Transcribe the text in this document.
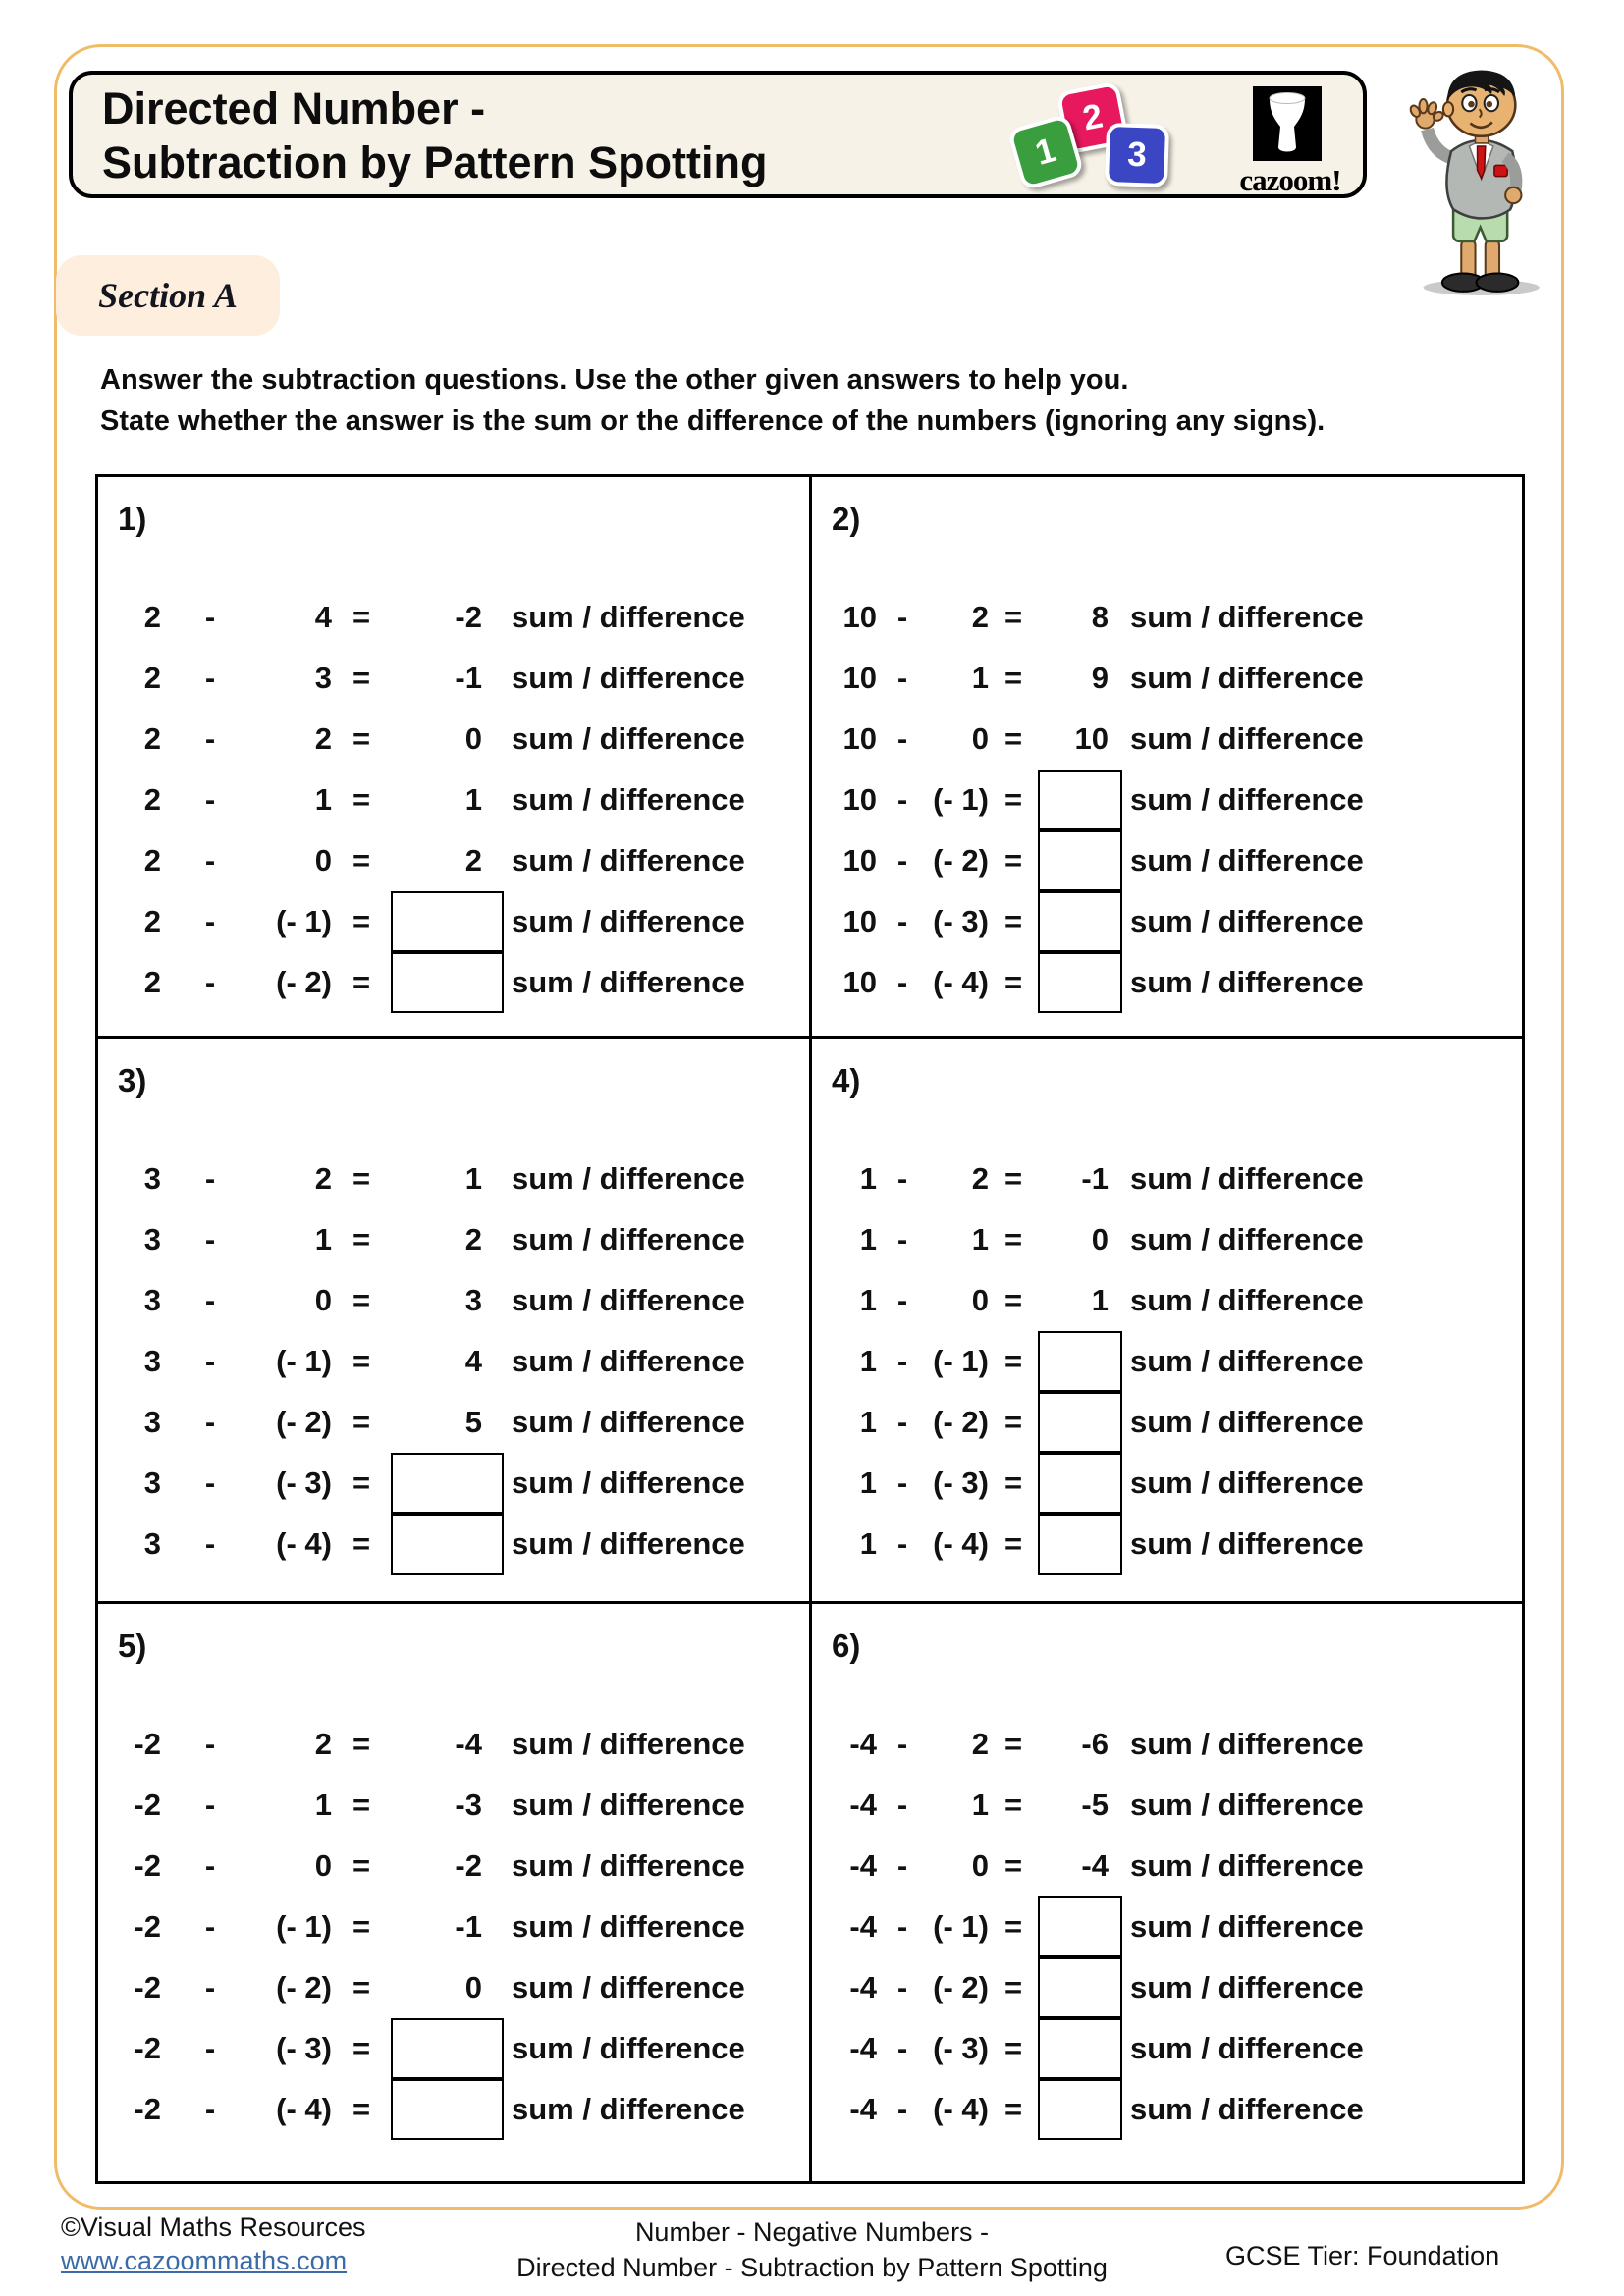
Directed Number -
Subtraction by Pattern Spotting	1
2
3
cazoom!
Section A
Answer the subtraction questions. Use the other given answers to help you.
State whether the answer is the sum or the difference of the numbers (ignoring any signs).
1)
2	-	4 =	-2 sum / difference
2	-	3 =	-1 sum / difference
2	-	2 =	0 sum / difference
2	-	1 =	1 sum / difference
2	-	0 =	2 sum / difference
2	-	(- 1) =	sum / difference
2	-	(- 2) =	sum / difference
2)
10 -	2 =	8 sum / difference
10 -	1 =	9 sum / difference
10 -	0 =	10 sum / difference
10 - (- 1) =	sum / difference
10 - (- 2) =	sum / difference
10 - (- 3) =	sum / difference
10 - (- 4) =	sum / difference
3)
3	-	2 =	1 sum / difference
3	-	1 =	2 sum / difference
3	-	0 =	3 sum / difference
3	-	(- 1) =	4 sum / difference
3	-	(- 2) =	5 sum / difference
3	-	(- 3) =	sum / difference
3	-	(- 4) =	sum / difference
4)
1 -	2 =	-1 sum / difference
1 -	1 =	0 sum / difference
1 -	0 =	1 sum / difference
1 - (- 1) =	sum / difference
1 - (- 2) =	sum / difference
1 - (- 3) =	sum / difference
1 - (- 4) =	sum / difference
5)
-2	-	2 =	-4 sum / difference
-2	-	1 =	-3 sum / difference
-2	-	0 =	-2 sum / difference
-2	-	(- 1) =	-1 sum / difference
-2	-	(- 2) =	0 sum / difference
-2	-	(- 3) =	sum / difference
-2	-	(- 4) =	sum / difference
6)
-4 -	2 =	-6 sum / difference
-4 -	1 =	-5 sum / difference
-4 -	0 =	-4 sum / difference
-4 - (- 1) =	sum / difference
-4 - (- 2) =	sum / difference
-4 - (- 3) =	sum / difference
-4 - (- 4) =	sum / difference
©Visual Maths Resources
www.cazoommaths.com
Number - Negative Numbers -
Directed Number - Subtraction by Pattern Spotting	GCSE Tier: Foundation
